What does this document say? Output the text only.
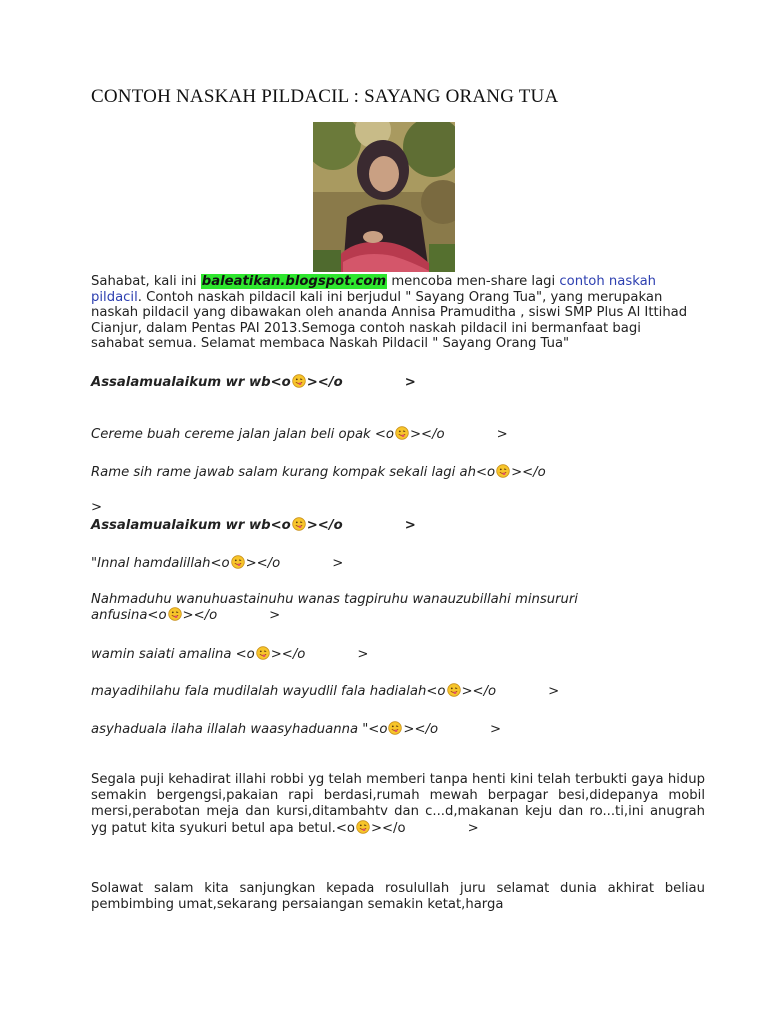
CONTOH NASKAH PILDACIL : SAYANG ORANG TUA

Sahabat, kali ini baleatikan.blogspot.com mencoba men-share lagi contoh naskah pildacil. Contoh naskah pildacil kali ini berjudul " Sayang Orang Tua", yang merupakan naskah pildacil yang dibawakan oleh ananda Annisa Pramuditha , siswi SMP Plus Al Ittihad Cianjur, dalam Pentas PAI 2013.Semoga contoh naskah pildacil ini bermanfaat bagi sahabat semua. Selamat membaca Naskah Pildacil " Sayang Orang Tua"

Assalamualaikum wr wb<o ></o	>

Cereme buah cereme jalan jalan beli opak <o ></o	>

Rame sih rame jawab salam kurang kompak sekali lagi ah<o ></o

>

Assalamualaikum wr wb<o ></o	>

"Innal hamdalillah<o ></o	>

Nahmaduhu wanuhuastainuhu wanas tagpiruhu wanauzubillahi minsururi

anfusina<o ></o	>

wamin saiati amalina <o ></o	>

mayadihilahu fala mudilalah wayudlil fala hadialah<o ></o	>

asyhaduala ilaha illalah waasyhaduanna "<o ></o	>

Segala puji kehadirat illahi robbi yg telah memberi tanpa henti kini telah terbukti gaya hidup semakin bergengsi,pakaian rapi berdasi,rumah mewah berpagar besi,didepanya mobil mersi,perabotan meja dan kursi,ditambahtv dan c...d,makanan keju dan ro...ti,ini anugrah yg patut kita syukuri betul apa betul.<o ></o	>

Solawat salam kita sanjungkan kepada rosulullah juru selamat dunia akhirat beliau pembimbing umat,sekarang persaiangan semakin ketat,harga
